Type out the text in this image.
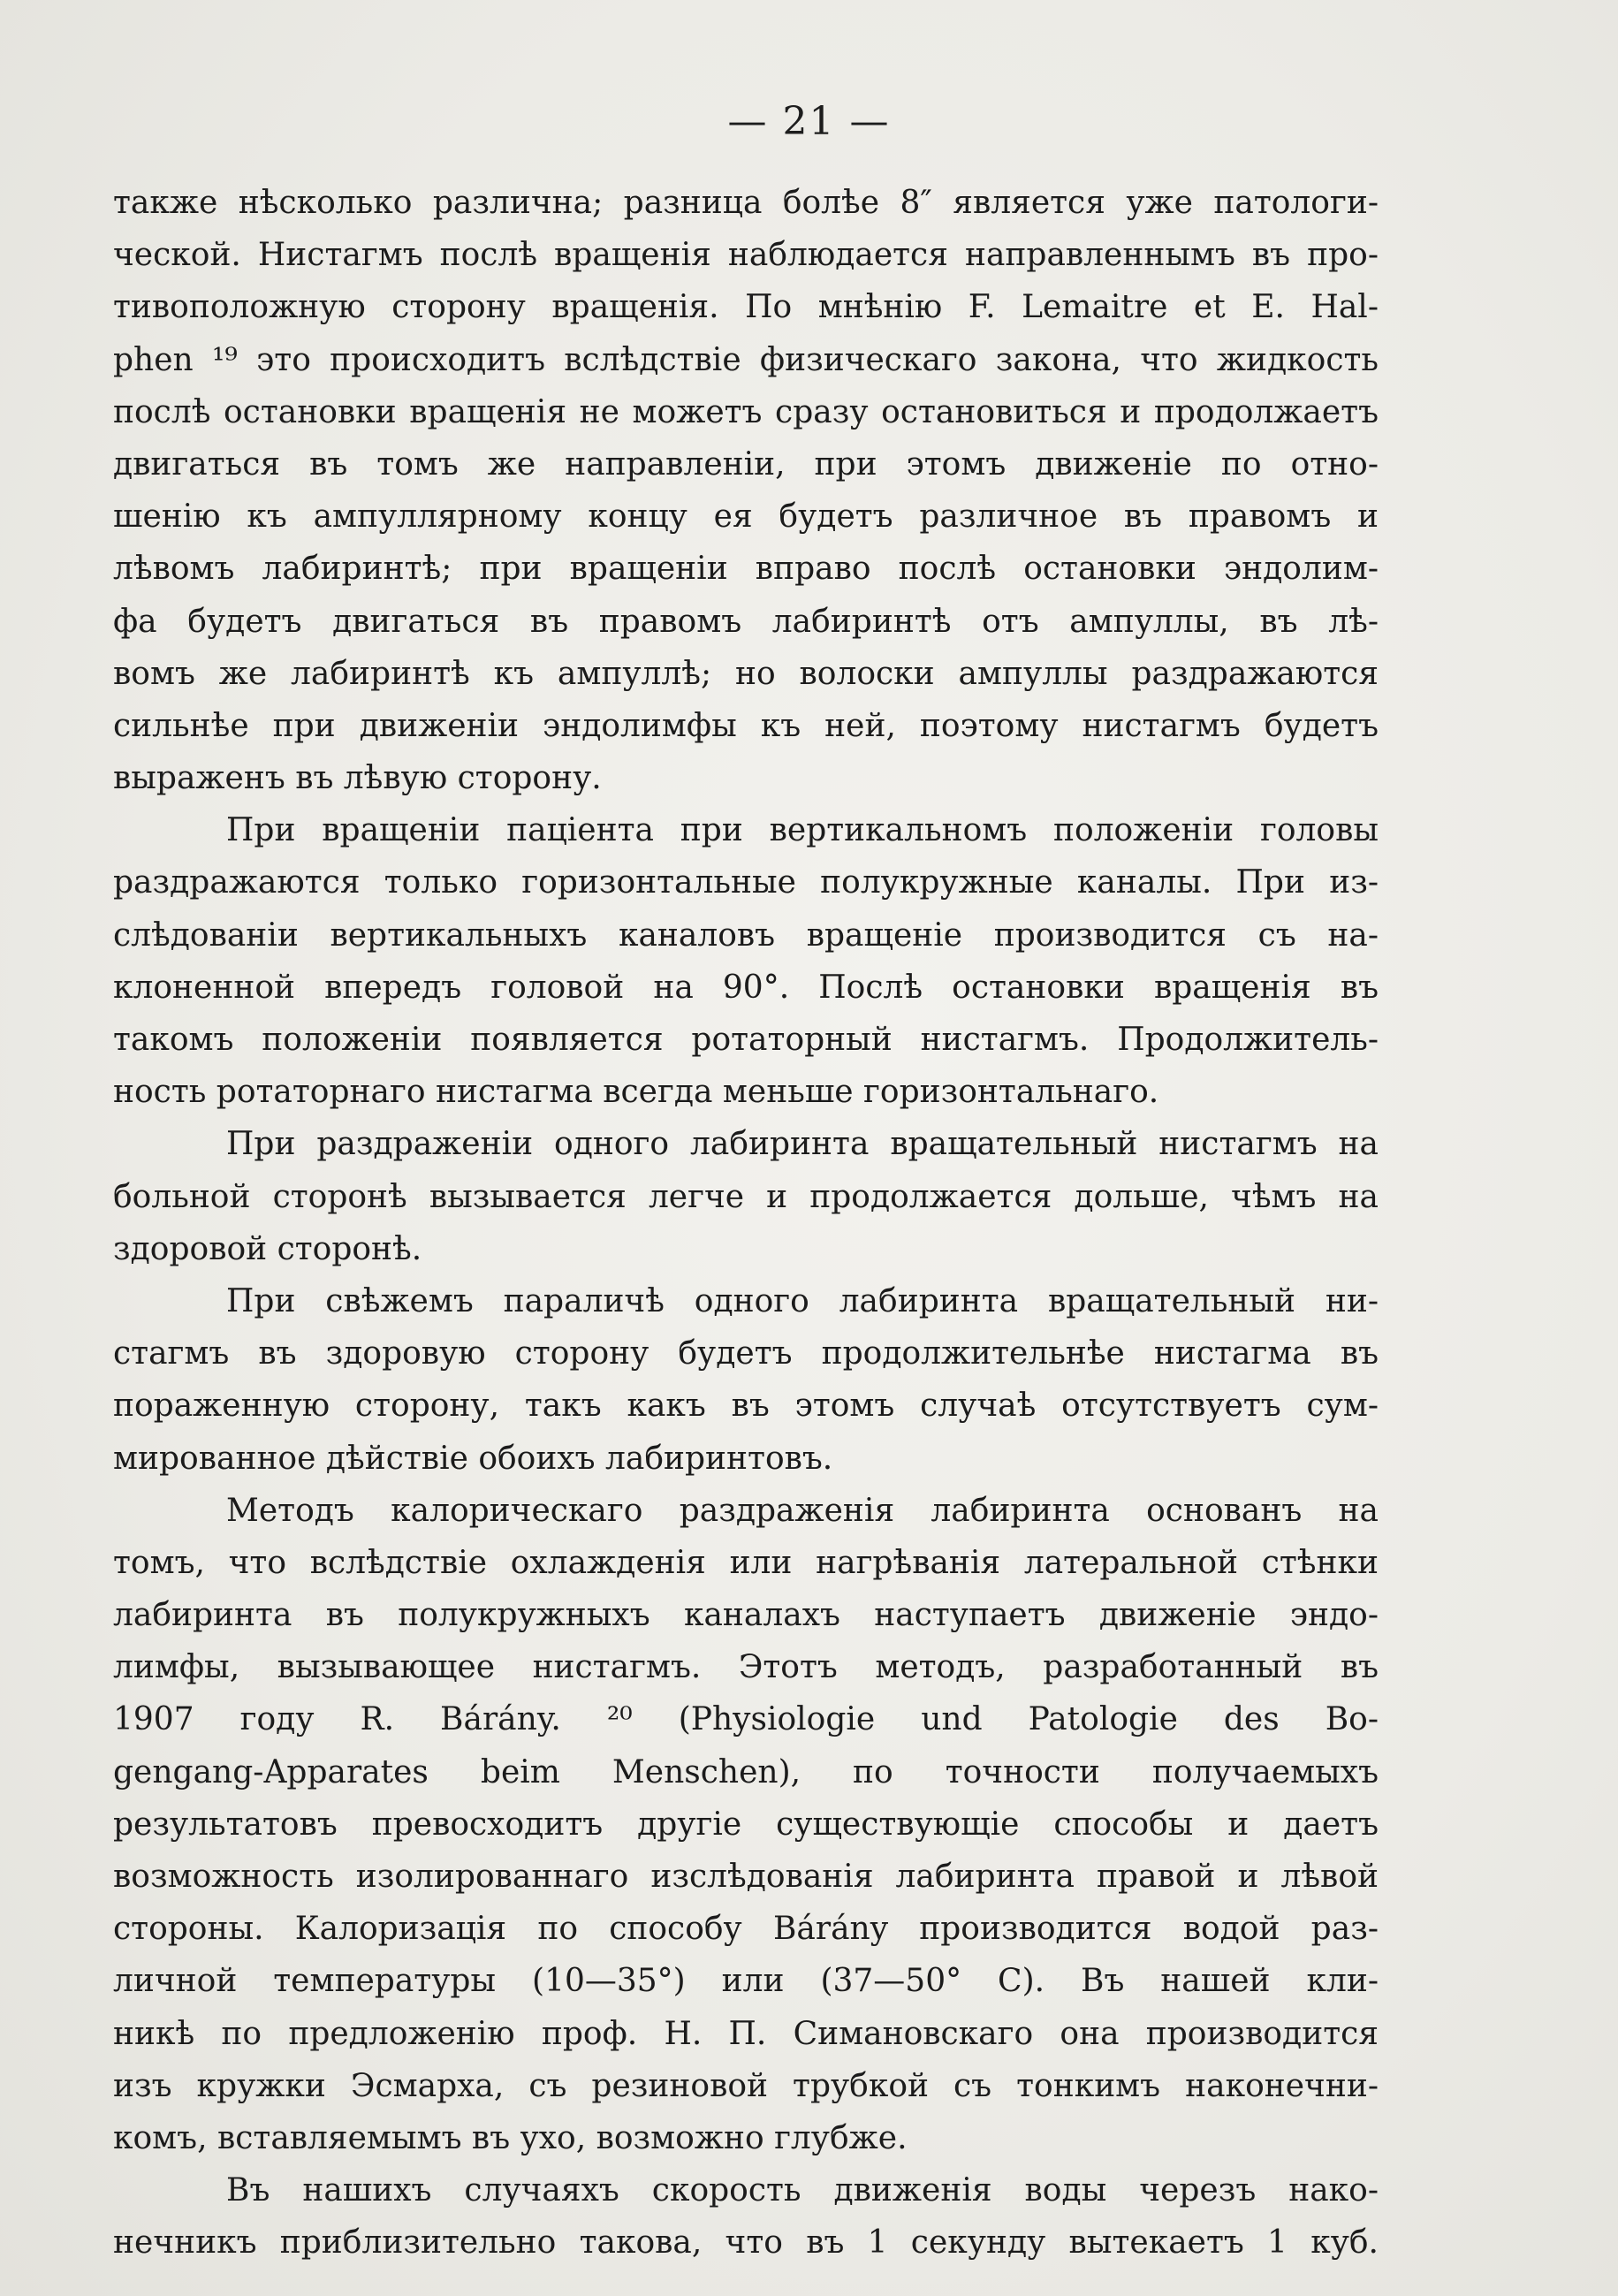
— 21 —
также нѣсколько различна; разница болѣе 8″ является уже патологи-
ческой. Нистагмъ послѣ вращенія наблюдается направленнымъ въ про-
тивоположную сторону вращенія. По мнѣнію F. Lemaitre et E. Hal-
phen ¹⁹ это происходитъ вслѣдствіе физическаго закона, что жидкость
послѣ остановки вращенія не можетъ сразу остановиться и продолжаетъ
двигаться въ томъ же направленіи, при этомъ движеніе по отно-
шенію къ ампуллярному концу ея будетъ различное въ правомъ и
лѣвомъ лабиринтѣ; при вращеніи вправо послѣ остановки эндолим-
фа будетъ двигаться въ правомъ лабиринтѣ отъ ампуллы, въ лѣ-
вомъ же лабиринтѣ къ ампуллѣ; но волоски ампуллы раздражаются
сильнѣе при движеніи эндолимфы къ ней, поэтому нистагмъ будетъ
выраженъ въ лѣвую сторону.
При вращеніи паціента при вертикальномъ положеніи головы
раздражаются только горизонтальные полукружные каналы. При из-
слѣдованіи вертикальныхъ каналовъ вращеніе производится съ на-
клоненной впередъ головой на 90°. Послѣ остановки вращенія въ
такомъ положеніи появляется ротаторный нистагмъ. Продолжитель-
ность ротаторнаго нистагма всегда меньше горизонтальнаго.
При раздраженіи одного лабиринта вращательный нистагмъ на
больной сторонѣ вызывается легче и продолжается дольше, чѣмъ на
здоровой сторонѣ.
При свѣжемъ параличѣ одного лабиринта вращательный ни-
стагмъ въ здоровую сторону будетъ продолжительнѣе нистагма въ
пораженную сторону, такъ какъ въ этомъ случаѣ отсутствуетъ сум-
мированное дѣйствіе обоихъ лабиринтовъ.
Методъ калорическаго раздраженія лабиринта основанъ на
томъ, что вслѣдствіе охлажденія или нагрѣванія латеральной стѣнки
лабиринта въ полукружныхъ каналахъ наступаетъ движеніе эндо-
лимфы, вызывающее нистагмъ. Этотъ методъ, разработанный въ
1907 году R. Bárány. ²⁰ (Physiologie und Patologie des Bo-
gengang-Apparates beim Menschen), по точности получаемыхъ
результатовъ превосходитъ другіе существующіе способы и даетъ
возможность изолированнаго изслѣдованія лабиринта правой и лѣвой
стороны. Калоризація по способу Bárány производится водой раз-
личной температуры (10—35°) или (37—50° С). Въ нашей кли-
никѣ по предложенію проф. Н. П. Симановскаго она производится
изъ кружки Эсмарха, съ резиновой трубкой съ тонкимъ наконечни-
комъ, вставляемымъ въ ухо, возможно глубже.
Въ нашихъ случаяхъ скорость движенія воды черезъ нако-
нечникъ приблизительно такова, что въ 1 секунду вытекаетъ 1 куб.
